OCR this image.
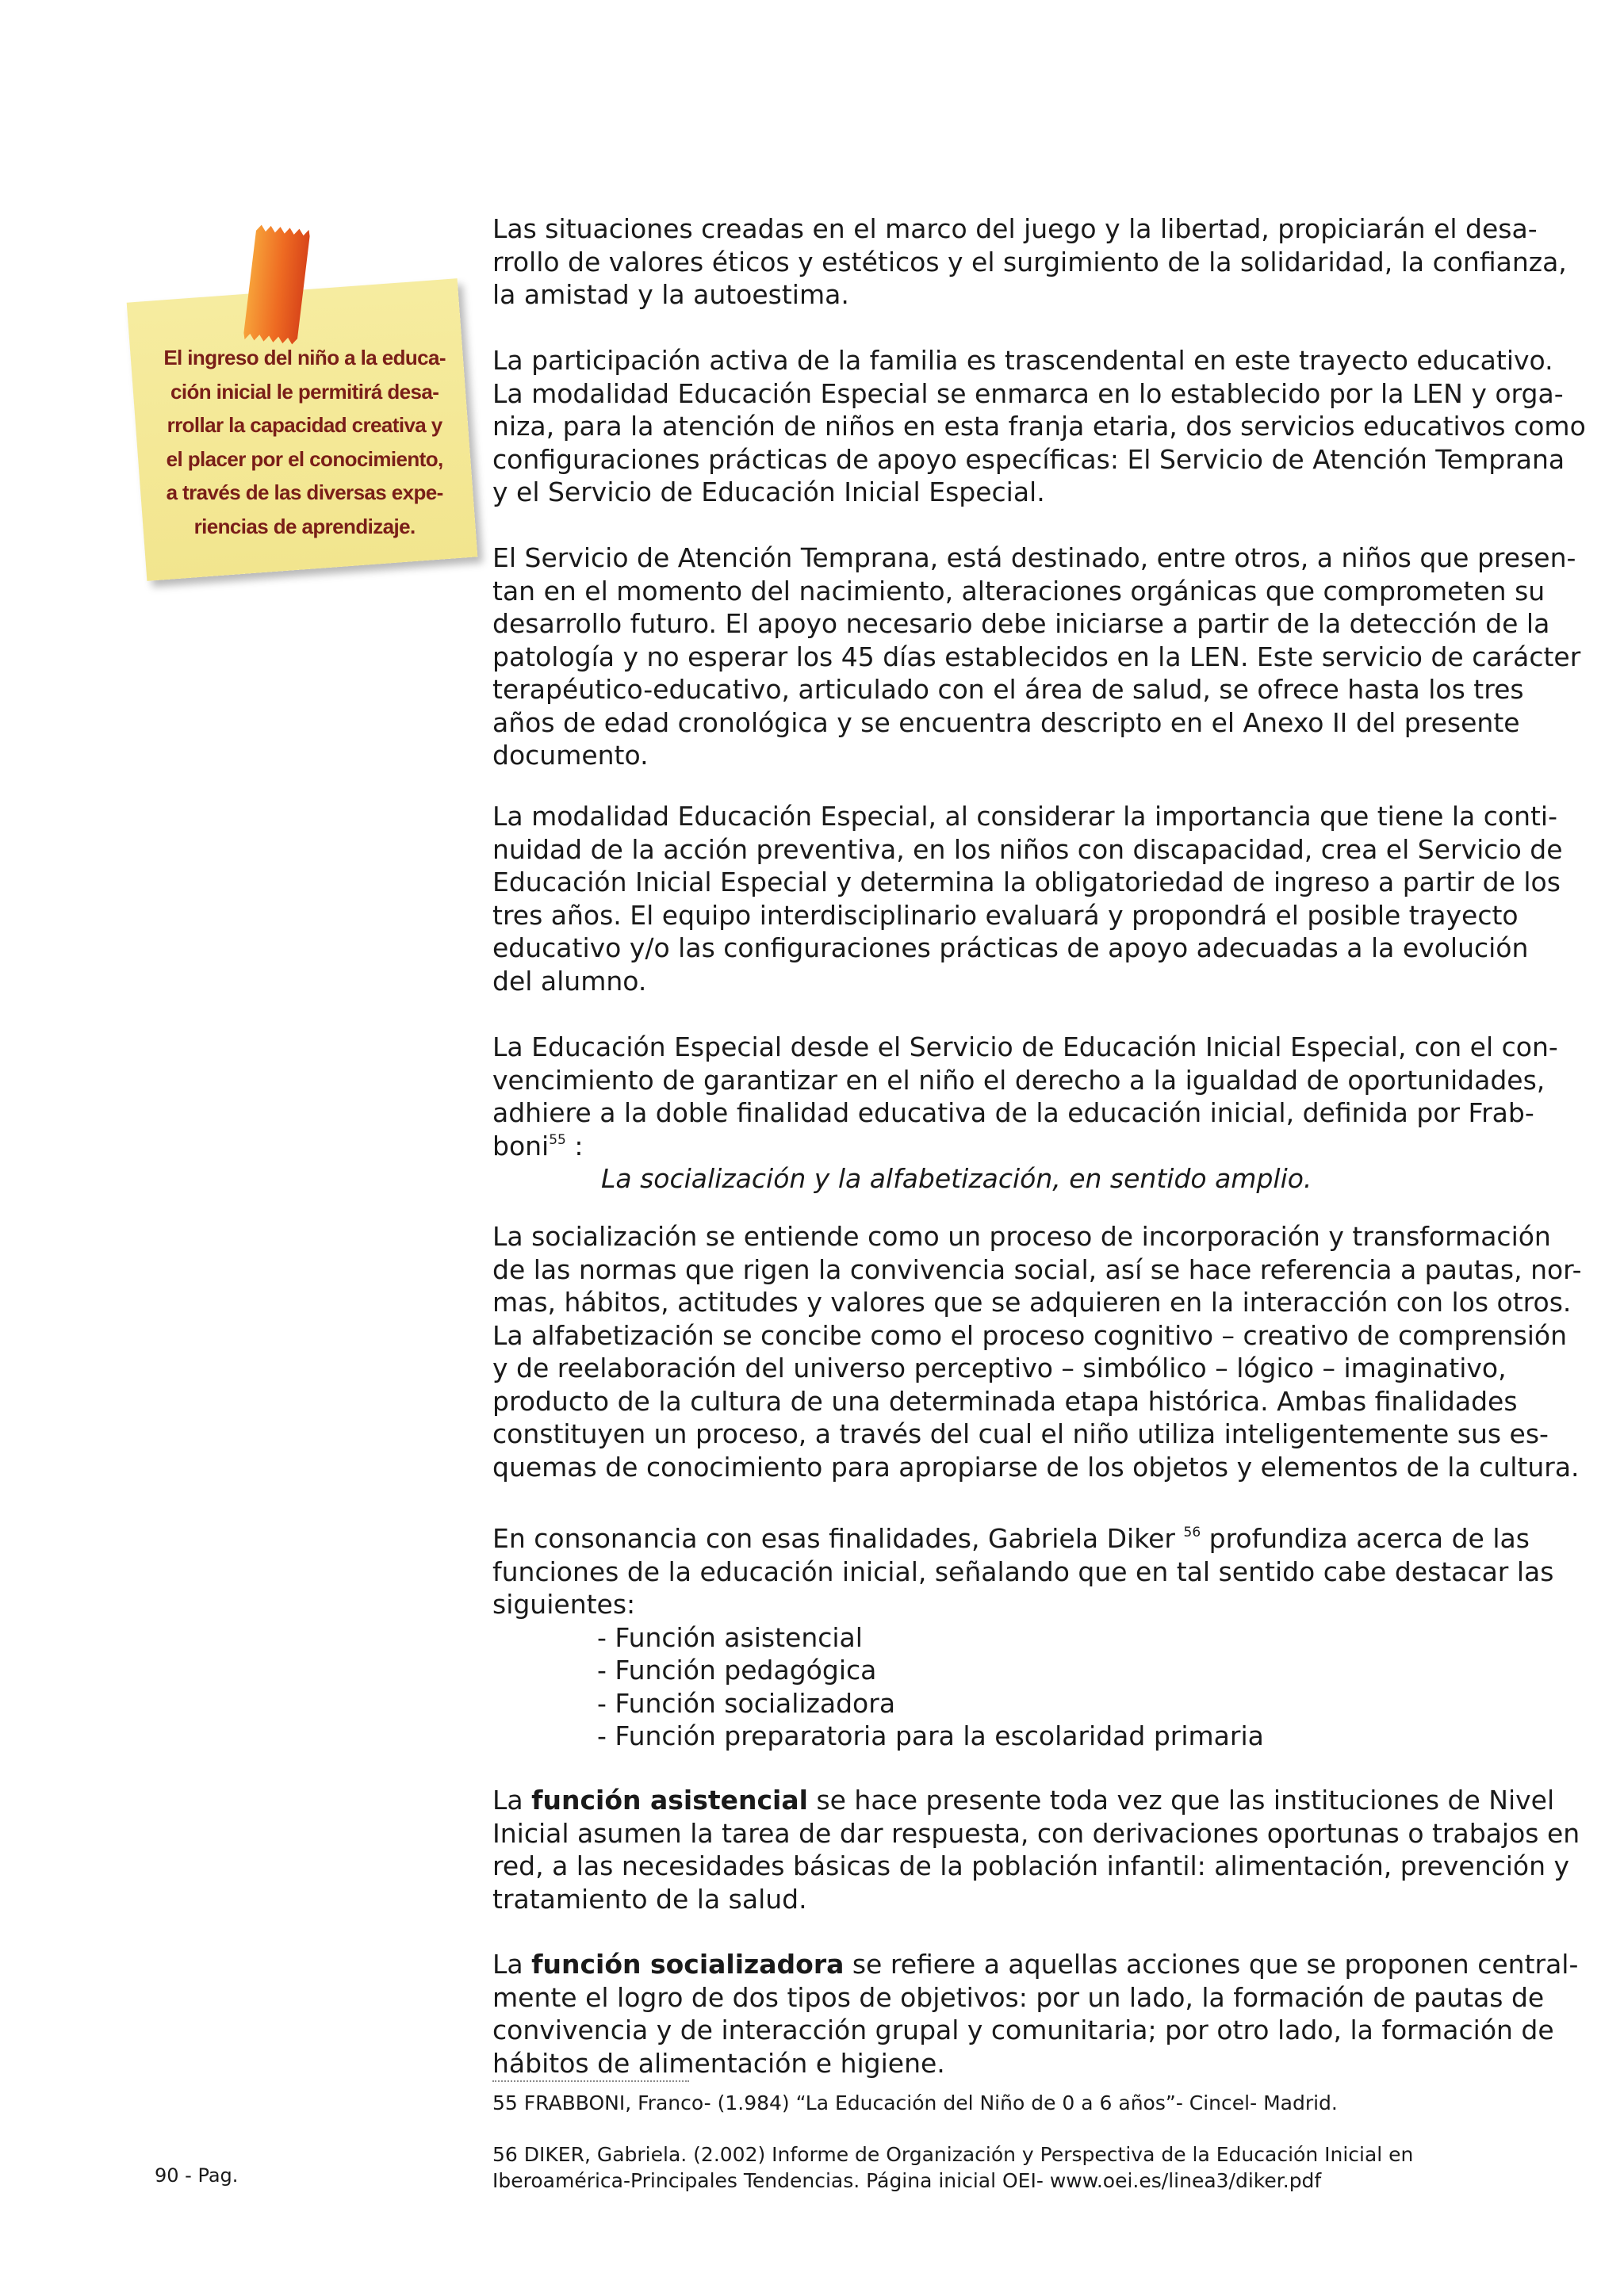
El ingreso del niño a la educa-
ción inicial le permitirá desa-
rrollar la capacidad creativa y
el placer por el conocimiento,
a través de las diversas expe-
riencias de aprendizaje.
Las situaciones creadas en el marco del juego y la libertad, propiciarán el desa-
rrollo de valores éticos y estéticos y el surgimiento de la solidaridad, la confianza,
la amistad y la autoestima.
La participación activa de la familia es trascendental en este trayecto educativo.
La modalidad Educación Especial se enmarca en lo establecido por la LEN y orga-
niza, para la atención de niños en esta franja etaria, dos servicios educativos como
configuraciones prácticas de apoyo específicas: El Servicio de Atención Temprana
y el Servicio de Educación Inicial Especial.
El Servicio de Atención Temprana, está destinado, entre otros, a niños que presen-
tan en el momento del nacimiento, alteraciones orgánicas que comprometen su
desarrollo futuro. El apoyo necesario debe iniciarse a partir de la detección de la
patología y no esperar los 45 días establecidos en la LEN. Este servicio de carácter
terapéutico-educativo, articulado con el área de salud, se ofrece hasta los tres
años de edad cronológica y se encuentra descripto en el Anexo II del presente
documento.
La modalidad Educación Especial, al considerar la importancia que tiene la conti-
nuidad de la acción preventiva, en los niños con discapacidad, crea el Servicio de
Educación Inicial Especial y determina la obligatoriedad de ingreso a partir de los
tres años. El equipo interdisciplinario evaluará y propondrá el posible trayecto
educativo y/o las configuraciones prácticas de apoyo adecuadas a la evolución
del alumno.
La Educación Especial desde el Servicio de Educación Inicial Especial, con el con-
vencimiento de garantizar en el niño el derecho a la igualdad de oportunidades,
adhiere a la doble finalidad educativa de la educación inicial, definida por Frab-
boni$^{55}$ :
La socialización y la alfabetización, en sentido amplio.
La socialización se entiende como un proceso de incorporación y transformación
de las normas que rigen la convivencia social, así se hace referencia a pautas, nor-
mas, hábitos, actitudes y valores que se adquieren en la interacción con los otros.
La alfabetización se concibe como el proceso cognitivo – creativo de comprensión
y de reelaboración del universo perceptivo – simbólico – lógico – imaginativo,
producto de la cultura de una determinada etapa histórica. Ambas finalidades
constituyen un proceso, a través del cual el niño utiliza inteligentemente sus es-
quemas de conocimiento para apropiarse de los objetos y elementos de la cultura.
En consonancia con esas finalidades, Gabriela Diker $^{56}$ profundiza acerca de las
funciones de la educación inicial, señalando que en tal sentido cabe destacar las
siguientes:
- Función asistencial
- Función pedagógica
- Función socializadora
- Función preparatoria para la escolaridad primaria
La función asistencial se hace presente toda vez que las instituciones de Nivel
Inicial asumen la tarea de dar respuesta, con derivaciones oportunas o trabajos en
red, a las necesidades básicas de la población infantil: alimentación, prevención y
tratamiento de la salud.
La función socializadora se refiere a aquellas acciones que se proponen central-
mente el logro de dos tipos de objetivos: por un lado, la formación de pautas de
convivencia y de interacción grupal y comunitaria; por otro lado, la formación de
hábitos de alimentación e higiene.
55 FRABBONI, Franco- (1.984) “La Educación del Niño de 0 a 6 años”- Cincel- Madrid.
56 DIKER, Gabriela. (2.002) Informe de Organización y Perspectiva de la Educación Inicial en
Iberoamérica-Principales Tendencias. Página inicial OEI- www.oei.es/linea3/diker.pdf
90 - Pag.
